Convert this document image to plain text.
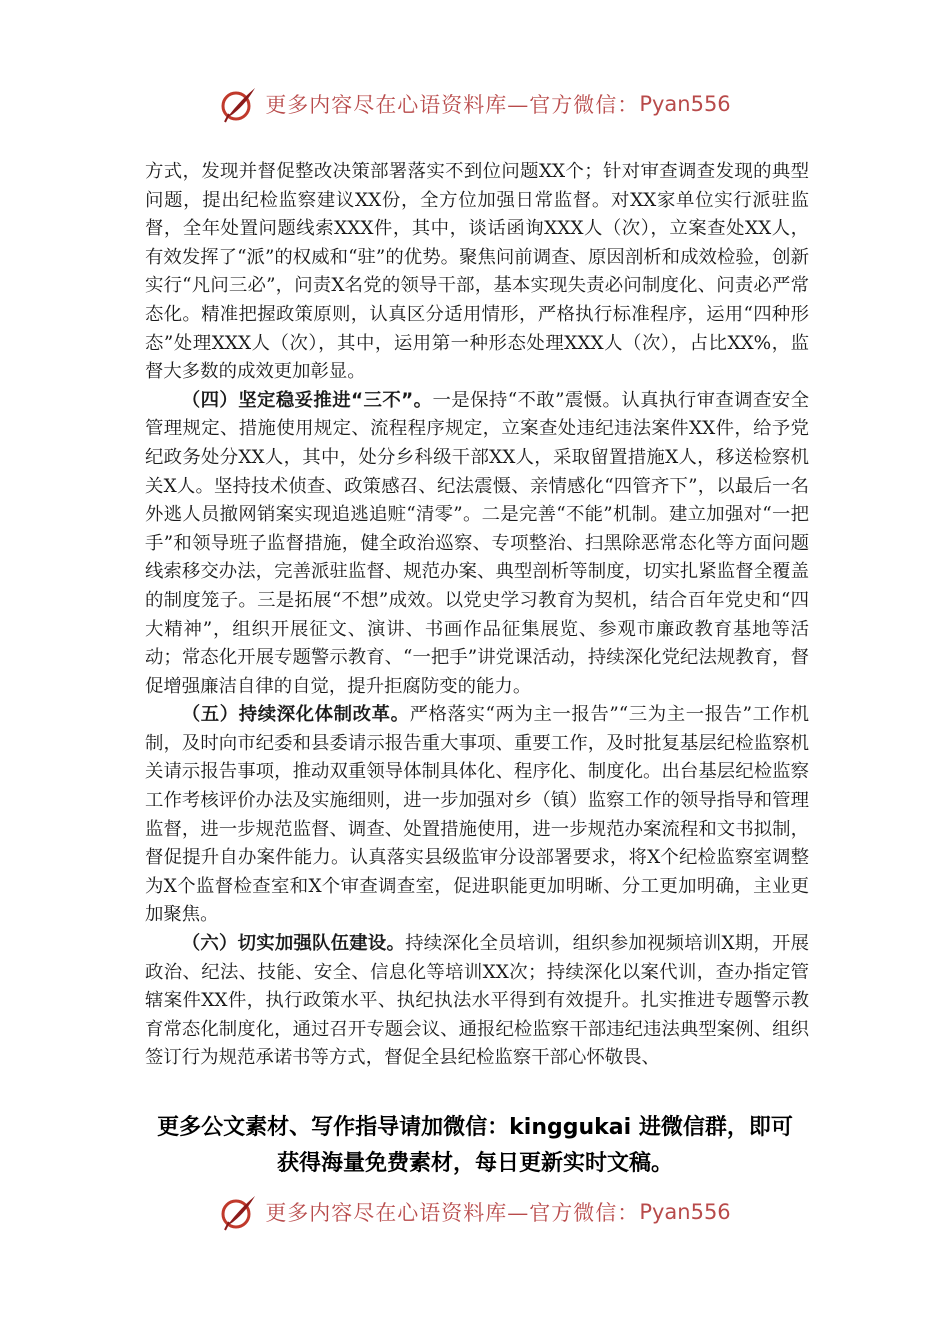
更多内容尽在心语资料库—官方微信： Pyan556

方式，发现并督促整改决策部署落实不到位问题XX个；针对审查调查发现的典型问题，提出纪检监察建议XX份，全方位加强日常监督。对XX家单位实行派驻监督，全年处置问题线索XXX件，其中，谈话函询XXX人（次），立案查处XX人，有效发挥了“派”的权威和“驻”的优势。聚焦问前调查、原因剖析和成效检验，创新实行“凡问三必”，问责X名党的领导干部，基本实现失责必问制度化、问责必严常态化。精准把握政策原则，认真区分适用情形，严格执行标准程序，运用“四种形态”处理XXX人（次），其中，运用第一种形态处理XXX人（次），占比XX%，监督大多数的成效更加彰显。

（四）坚定稳妥推进“三不”。一是保持“不敢”震慑。认真执行审查调查安全管理规定、措施使用规定、流程程序规定，立案查处违纪违法案件XX件，给予党纪政务处分XX人，其中，处分乡科级干部XX人，采取留置措施X人，移送检察机关X人。坚持技术侦查、政策感召、纪法震慑、亲情感化“四管齐下”，以最后一名外逃人员撤网销案实现追逃追赃“清零”。二是完善“不能”机制。建立加强对“一把手”和领导班子监督措施，健全政治巡察、专项整治、扫黑除恶常态化等方面问题线索移交办法，完善派驻监督、规范办案、典型剖析等制度，切实扎紧监督全覆盖的制度笼子。三是拓展“不想”成效。以党史学习教育为契机，结合百年党史和“四大精神”，组织开展征文、演讲、书画作品征集展览、参观市廉政教育基地等活动；常态化开展专题警示教育、“一把手”讲党课活动，持续深化党纪法规教育，督促增强廉洁自律的自觉，提升拒腐防变的能力。

（五）持续深化体制改革。严格落实“两为主一报告”“三为主一报告”工作机制，及时向市纪委和县委请示报告重大事项、重要工作，及时批复基层纪检监察机关请示报告事项，推动双重领导体制具体化、程序化、制度化。出台基层纪检监察工作考核评价办法及实施细则，进一步加强对乡（镇）监察工作的领导指导和管理监督，进一步规范监督、调查、处置措施使用，进一步规范办案流程和文书拟制，督促提升自办案件能力。认真落实县级监审分设部署要求，将X个纪检监察室调整为X个监督检查室和X个审查调查室，促进职能更加明晰、分工更加明确，主业更加聚焦。

（六）切实加强队伍建设。持续深化全员培训，组织参加视频培训X期，开展政治、纪法、技能、安全、信息化等培训XX次；持续深化以案代训，查办指定管辖案件XX件，执行政策水平、执纪执法水平得到有效提升。扎实推进专题警示教育常态化制度化，通过召开专题会议、通报纪检监察干部违纪违法典型案例、组织签订行为规范承诺书等方式，督促全县纪检监察干部心怀敬畏、

更多公文素材、写作指导请加微信：kinggukai 进微信群，即可
获得海量免费素材，每日更新实时文稿。
更多内容尽在心语资料库—官方微信： Pyan556
